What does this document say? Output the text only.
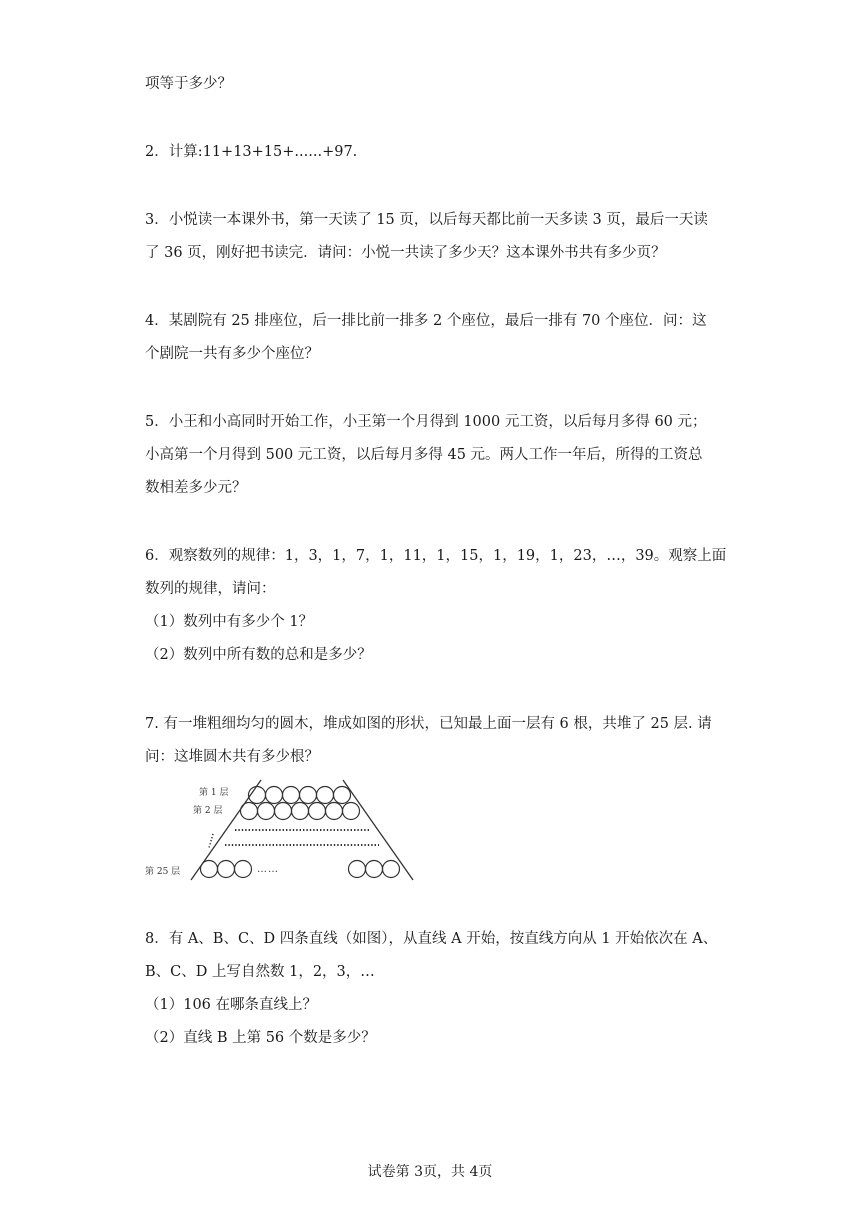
项等于多少？
2．计算:11+13+15+......+97.
3．小悦读一本课外书，第一天读了 15 页，以后每天都比前一天多读 3 页，最后一天读
了 36 页，刚好把书读完．请问：小悦一共读了多少天？这本课外书共有多少页？
4．某剧院有 25 排座位，后一排比前一排多 2 个座位，最后一排有 70 个座位．问：这
个剧院一共有多少个座位？
5．小王和小高同时开始工作，小王第一个月得到 1000 元工资，以后每月多得 60 元；
小高第一个月得到 500 元工资，以后每月多得 45 元。两人工作一年后，所得的工资总
数相差多少元？
6．观察数列的规律：1，3，1，7，1，11，1，15，1，19，1，23，…，39。观察上面
数列的规律，请问：
（1）数列中有多少个 1？
（2）数列中所有数的总和是多少？
7. 有一堆粗细均匀的圆木，堆成如图的形状，已知最上面一层有 6 根，共堆了 25 层. 请
问：这堆圆木共有多少根？
第 1 层
第 2 层
第 25 层	……
8．有 A、B、C、D 四条直线（如图），从直线 A 开始，按直线方向从 1 开始依次在 A、
B、C、D 上写自然数 1，2，3，…
（1）106 在哪条直线上？
（2）直线 B 上第 56 个数是多少？
试卷第 3页，共 4页
